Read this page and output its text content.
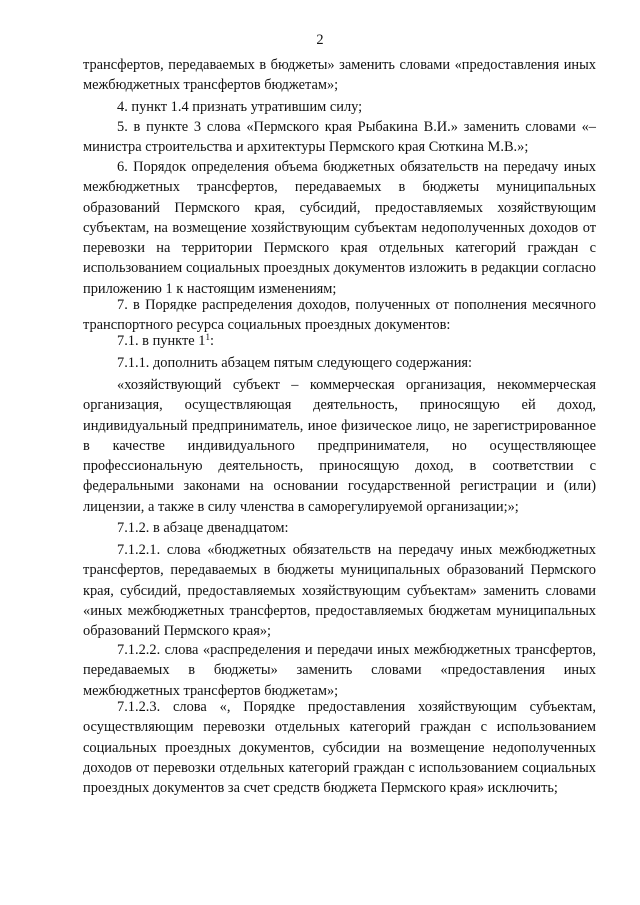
2

трансфертов, передаваемых в бюджеты» заменить словами «предоставления иных межбюджетных трансфертов бюджетам»;

4. пункт 1.4 признать утратившим силу;

5. в пункте 3 слова «Пермского края Рыбакина В.И.» заменить словами «– министра строительства и архитектуры Пермского края Сюткина М.В.»;

6. Порядок определения объема бюджетных обязательств на передачу иных межбюджетных трансфертов, передаваемых в бюджеты муниципальных образований Пермского края, субсидий, предоставляемых хозяйствующим субъектам, на возмещение хозяйствующим субъектам недополученных доходов от перевозки на территории Пермского края отдельных категорий граждан с использованием социальных проездных документов изложить в редакции согласно приложению 1 к настоящим изменениям;

7. в Порядке распределения доходов, полученных от пополнения месячного транспортного ресурса социальных проездных документов:

7.1. в пункте $1^1$:

7.1.1. дополнить абзацем пятым следующего содержания:

«хозяйствующий субъект – коммерческая организация, некоммерческая организация, осуществляющая деятельность, приносящую ей доход, индивидуальный предприниматель, иное физическое лицо, не зарегистрированное в качестве индивидуального предпринимателя, но осуществляющее профессиональную деятельность, приносящую доход, в соответствии с федеральными законами на основании государственной регистрации и (или) лицензии, а также в силу членства в саморегулируемой организации;»;

7.1.2. в абзаце двенадцатом:

7.1.2.1. слова «бюджетных обязательств на передачу иных межбюджетных трансфертов, передаваемых в бюджеты муниципальных образований Пермского края, субсидий, предоставляемых хозяйствующим субъектам» заменить словами «иных межбюджетных трансфертов, предоставляемых бюджетам муниципальных образований Пермского края»;

7.1.2.2. слова «распределения и передачи иных межбюджетных трансфертов, передаваемых в бюджеты» заменить словами «предоставления иных межбюджетных трансфертов бюджетам»;

7.1.2.3. слова «, Порядке предоставления хозяйствующим субъектам, осуществляющим перевозки отдельных категорий граждан с использованием социальных проездных документов, субсидии на возмещение недополученных доходов от перевозки отдельных категорий граждан с использованием социальных проездных документов за счет средств бюджета Пермского края» исключить;
